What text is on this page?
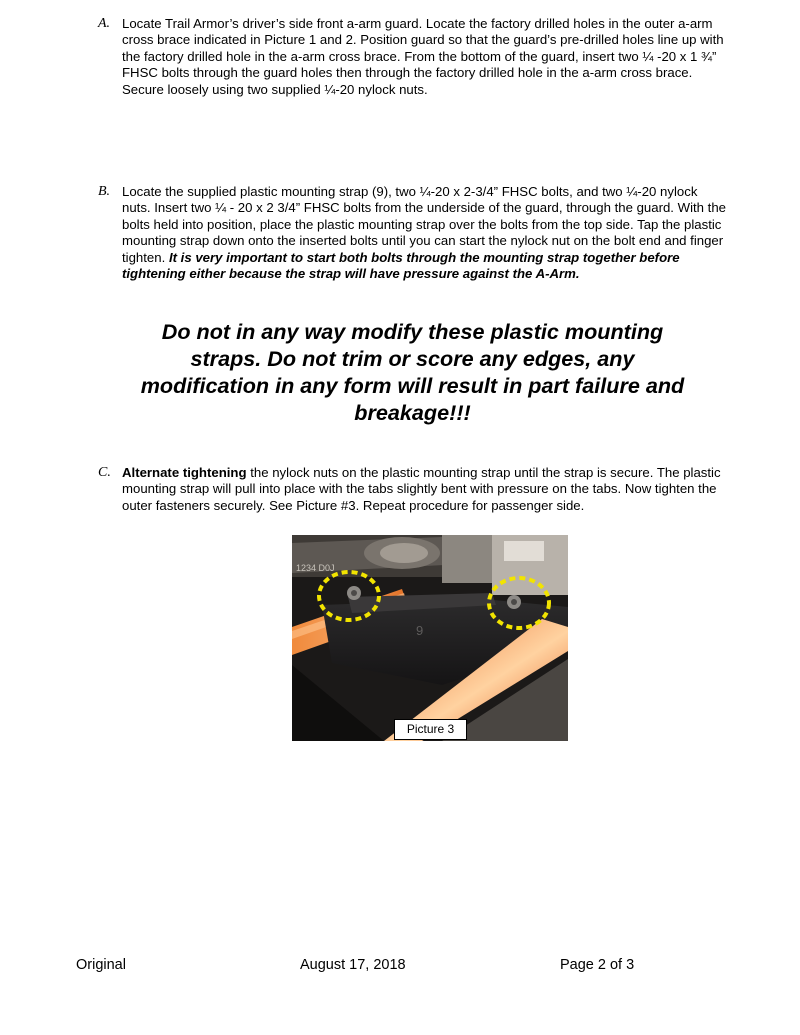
A. Locate Trail Armor’s driver’s side front a-arm guard. Locate the factory drilled holes in the outer a-arm cross brace indicated in Picture 1 and 2. Position guard so that the guard’s pre-drilled holes line up with the factory drilled hole in the a-arm cross brace. From the bottom of the guard, insert two ¼ -20 x 1 ¾” FHSC bolts through the guard holes then through the factory drilled hole in the a-arm cross brace. Secure loosely using two supplied ¼-20 nylock nuts.

B. Locate the supplied plastic mounting strap (9), two ¼-20 x 2-3/4” FHSC bolts, and two ¼-20 nylock nuts. Insert two ¼ - 20 x 2 3/4” FHSC bolts from the underside of the guard, through the guard. With the bolts held into position, place the plastic mounting strap over the bolts from the top side. Tap the plastic mounting strap down onto the inserted bolts until you can start the nylock nut on the bolt end and finger tighten. It is very important to start both bolts through the mounting strap together before tightening either because the strap will have pressure against the A-Arm.

Do not in any way modify these plastic mounting straps. Do not trim or score any edges, any modification in any form will result in part failure and breakage!!!

C. Alternate tightening the nylock nuts on the plastic mounting strap until the strap is secure. The plastic mounting strap will pull into place with the tabs slightly bent with pressure on the tabs. Now tighten the outer fasteners securely. See Picture #3. Repeat procedure for passenger side.

1234 D0J
9
Picture 3
Original	August 17, 2018	Page 2 of 3
